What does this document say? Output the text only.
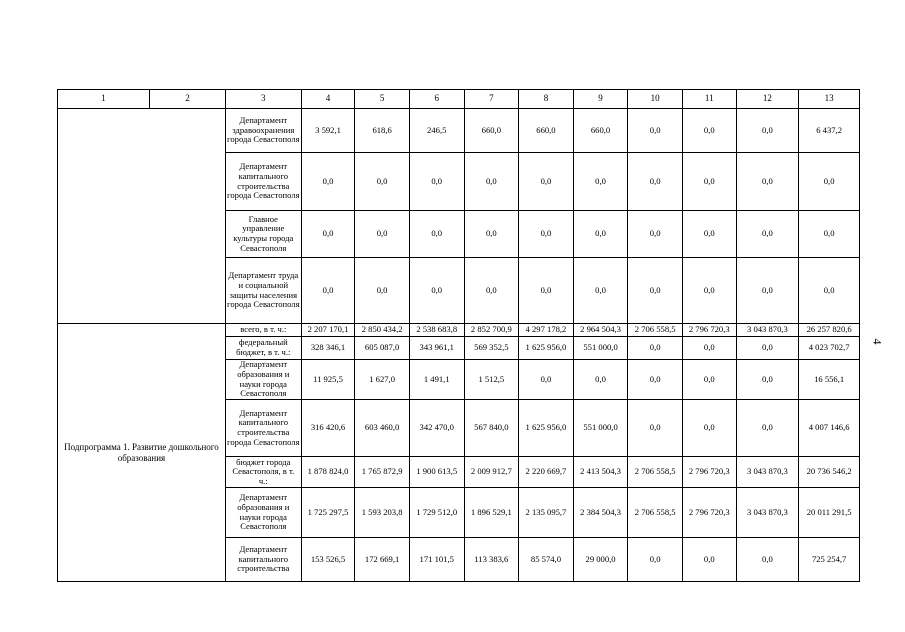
1	2	3	4	5	6	7	8	9	10	11	12	13
		Департамент здравоохранения города Севастополя	3 592,1	618,6	246,5	660,0	660,0	660,0	0,0	0,0	0,0	6 437,2
		Департамент капитального строительства города Севастополя	0,0	0,0	0,0	0,0	0,0	0,0	0,0	0,0	0,0	0,0
		Главное управление культуры города Севастополя	0,0	0,0	0,0	0,0	0,0	0,0	0,0	0,0	0,0	0,0
		Департамент труда и социальной защиты населения города Севастополя	0,0	0,0	0,0	0,0	0,0	0,0	0,0	0,0	0,0	0,0
Подпрограмма 1. Развитие дошкольного образования		всего, в т. ч.:	2 207 170,1	2 850 434,2	2 538 683,8	2 852 700,9	4 297 178,2	2 964 504,3	2 706 558,5	2 796 720,3	3 043 870,3	26 257 820,6
		федеральный бюджет, в т. ч.:	328 346,1	605 087,0	343 961,1	569 352,5	1 625 956,0	551 000,0	0,0	0,0	0,0	4 023 702,7
		Департамент образования и науки города Севастополя	11 925,5	1 627,0	1 491,1	1 512,5	0,0	0,0	0,0	0,0	0,0	16 556,1
		Департамент капитального строительства города Севастополя	316 420,6	603 460,0	342 470,0	567 840,0	1 625 956,0	551 000,0	0,0	0,0	0,0	4 007 146,6
		бюджет города Севастополя, в т. ч.:	1 878 824,0	1 765 872,9	1 900 613,5	2 009 912,7	2 220 669,7	2 413 504,3	2 706 558,5	2 796 720,3	3 043 870,3	20 736 546,2
		Департамент образования и науки города Севастополя	1 725 297,5	1 593 203,8	1 729 512,0	1 896 529,1	2 135 095,7	2 384 504,3	2 706 558,5	2 796 720,3	3 043 870,3	20 011 291,5
		Департамент капитального строительства	153 526,5	172 669,1	171 101,5	113 383,6	85 574,0	29 000,0	0,0	0,0	0,0	725 254,7
4
